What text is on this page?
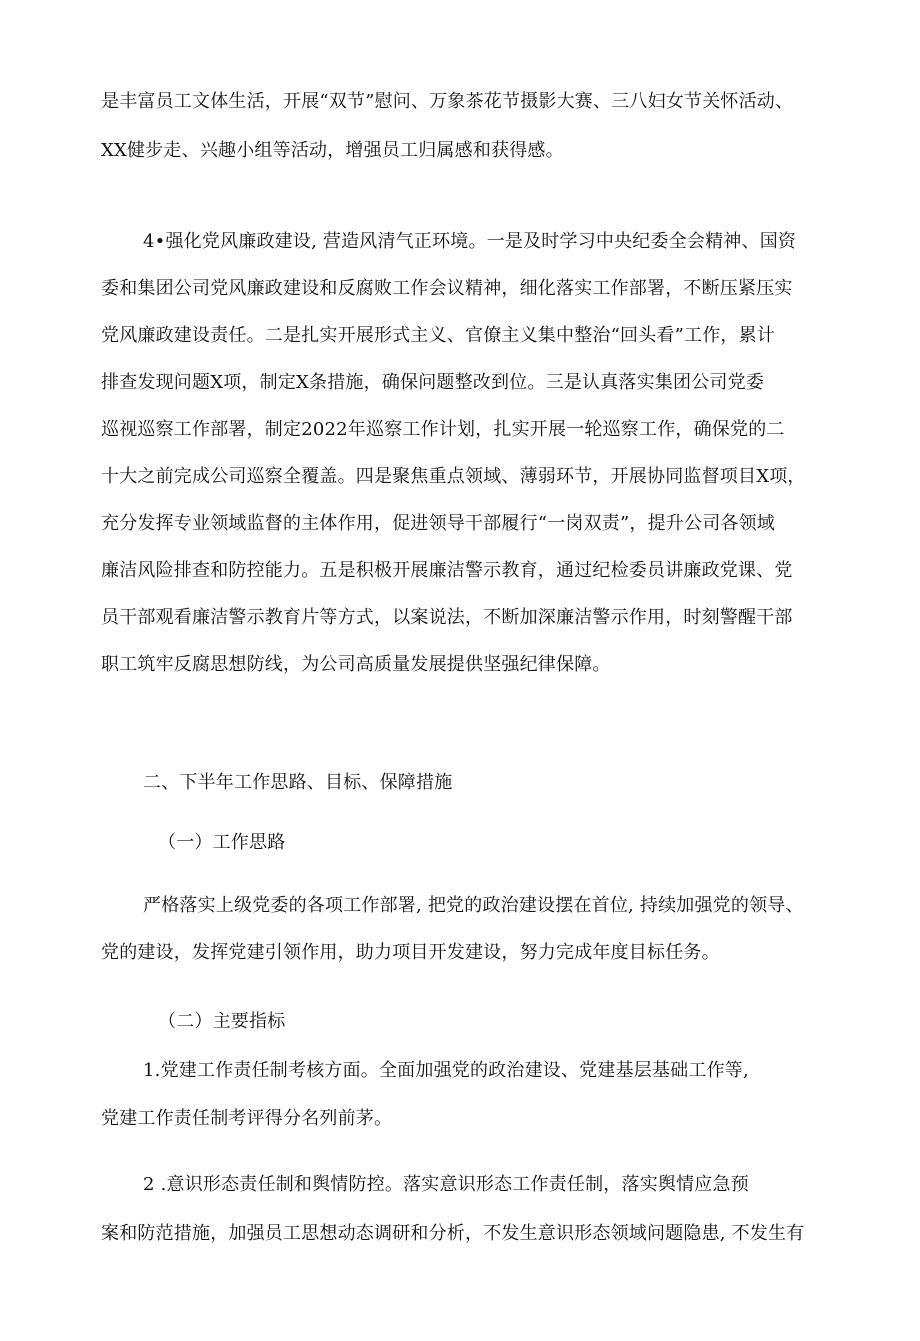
是丰富员工文体生活，开展“双节”慰问、万象茶花节摄影大赛、三八妇女节关怀活动、

XX健步走、兴趣小组等活动，增强员工归属感和获得感。

4•强化党风廉政建设, 营造风清气正环境。一是及时学习中央纪委全会精神、国资

委和集团公司党风廉政建设和反腐败工作会议精神，细化落实工作部署，不断压紧压实

党风廉政建设责任。二是扎实开展形式主义、官僚主义集中整治“回头看”工作，累计

排查发现问题X项，制定X条措施，确保问题整改到位。三是认真落实集团公司党委

巡视巡察工作部署，制定2022年巡察工作计划，扎实开展一轮巡察工作，确保党的二

十大之前完成公司巡察全覆盖。四是聚焦重点领域、薄弱环节，开展协同监督项目X项，

充分发挥专业领域监督的主体作用，促进领导干部履行“一岗双责”，提升公司各领域

廉洁风险排查和防控能力。五是积极开展廉洁警示教育，通过纪检委员讲廉政党课、党

员干部观看廉洁警示教育片等方式，以案说法，不断加深廉洁警示作用，时刻警醒干部

职工筑牢反腐思想防线，为公司高质量发展提供坚强纪律保障。

二、下半年工作思路、目标、保障措施
（一）工作思路

严格落实上级党委的各项工作部署, 把党的政治建设摆在首位, 持续加强党的领导、

党的建设，发挥党建引领作用，助力项目开发建设，努力完成年度目标任务。

（二）主要指标

1.党建工作责任制考核方面。全面加强党的政治建设、党建基层基础工作等,

党建工作责任制考评得分名列前茅。

2 .意识形态责任制和舆情防控。落实意识形态工作责任制，落实舆情应急预

案和防范措施，加强员工思想动态调研和分析，不发生意识形态领域问题隐患, 不发生有
